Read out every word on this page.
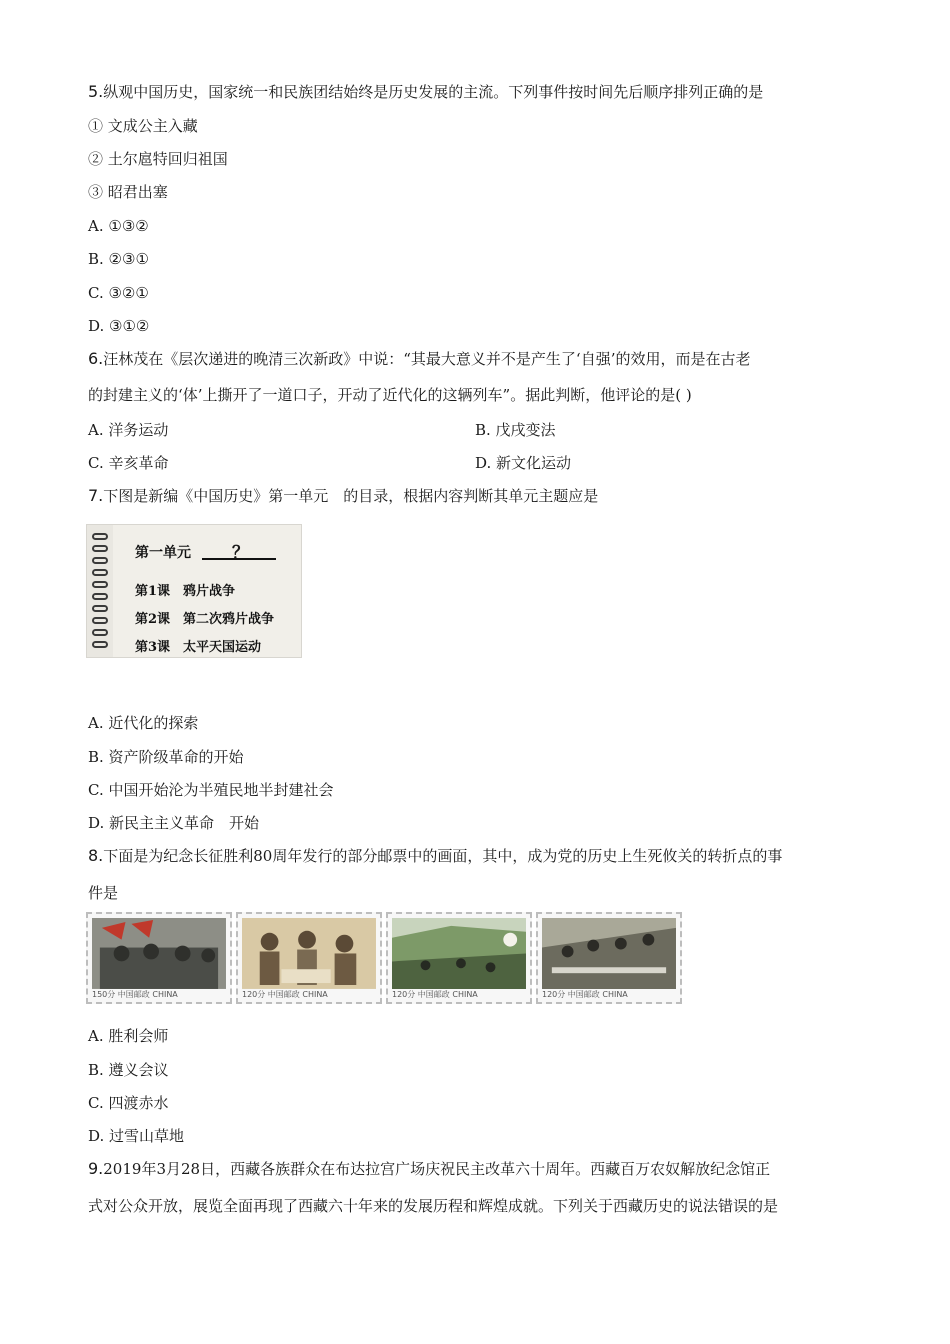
5.纵观中国历史，国家统一和民族团结始终是历史发展的主流。下列事件按时间先后顺序排列正确的是
① 文成公主入藏
② 土尔扈特回归祖国
③ 昭君出塞
A. ①③②
B. ②③①
C. ③②①
D. ③①②
6.汪林茂在《层次递进的晚清三次新政》中说：“其最大意义并不是产生了‘自强’的效用，而是在古老
的封建主义的‘体’上撕开了一道口子，开动了近代化的这辆列车”。据此判断，他评论的是( )
A. 洋务运动	B. 戊戌变法
C. 辛亥革命	D. 新文化运动
7.下图是新编《中国历史》第一单元　的目录，根据内容判断其单元主题应是
第一单元
第1课　鸦片战争
第2课　第二次鸦片战争
第3课　太平天国运动
？
A. 近代化的探索
B. 资产阶级革命的开始
C. 中国开始沦为半殖民地半封建社会
D. 新民主主义革命　开始
8.下面是为纪念长征胜利80周年发行的部分邮票中的画面，其中，成为党的历史上生死攸关的转折点的事
件是
150分 中国邮政 CHINA	120分 中国邮政 CHINA	120分 中国邮政 CHINA	120分 中国邮政 CHINA
A. 胜利会师
B. 遵义会议
C. 四渡赤水
D. 过雪山草地
9.2019年3月28日，西藏各族群众在布达拉宫广场庆祝民主改革六十周年。西藏百万农奴解放纪念馆正
式对公众开放，展览全面再现了西藏六十年来的发展历程和辉煌成就。下列关于西藏历史的说法错误的是
